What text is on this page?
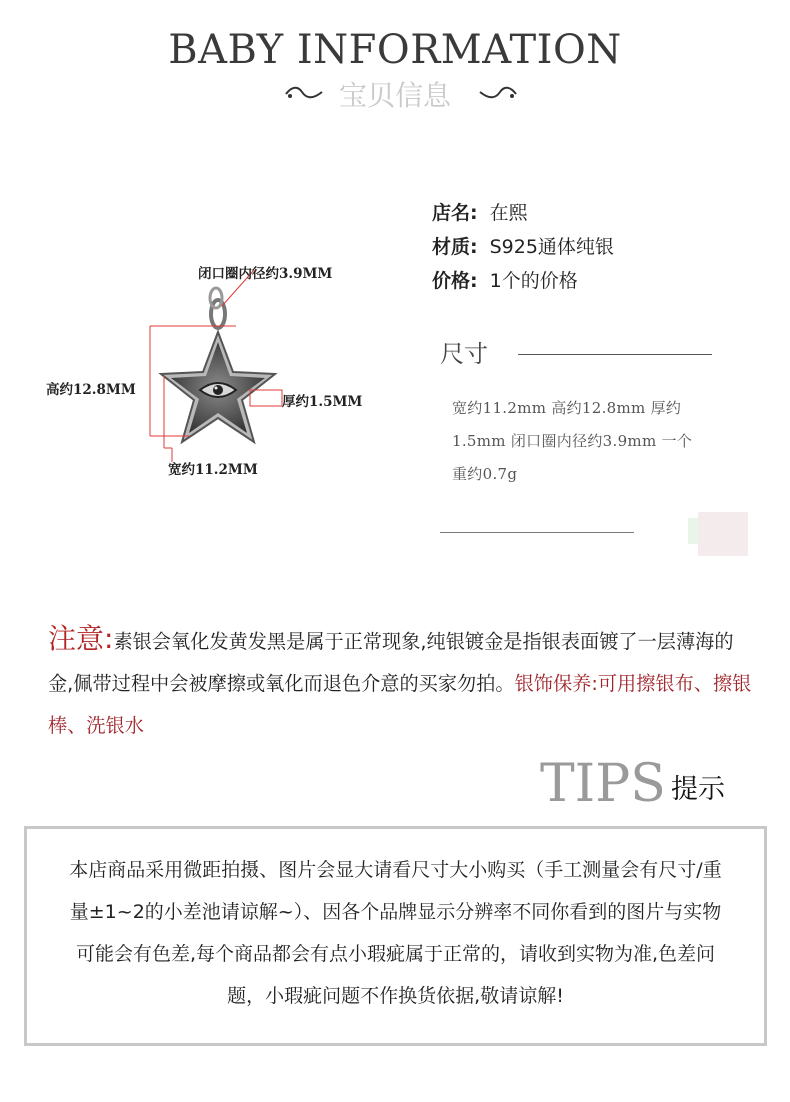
BABY INFORMATION
宝贝信息
闭口圈内径约3.9MM
高约12.8MM
厚约1.5MM
宽约11.2MM
店名: 在熙
材质: S925通体纯银
价格: 1个的价格
尺寸
宽约11.2mm 高约12.8mm 厚约1.5mm 闭口圈内径约3.9mm 一个重约0.7g
注意:素银会氧化发黄发黑是属于正常现象,纯银镀金是指银表面镀了一层薄海的金,佩带过程中会被摩擦或氧化而退色介意的买家勿拍。银饰保养:可用擦银布、擦银棒、洗银水
TIPS 提示
本店商品采用微距拍摄、图片会显大请看尺寸大小购买（手工测量会有尺寸/重量±1~2的小差池请谅解~）、因各个品牌显示分辨率不同你看到的图片与实物可能会有色差,每个商品都会有点小瑕疵属于正常的，请收到实物为准,色差问题，小瑕疵问题不作换货依据,敬请谅解!
